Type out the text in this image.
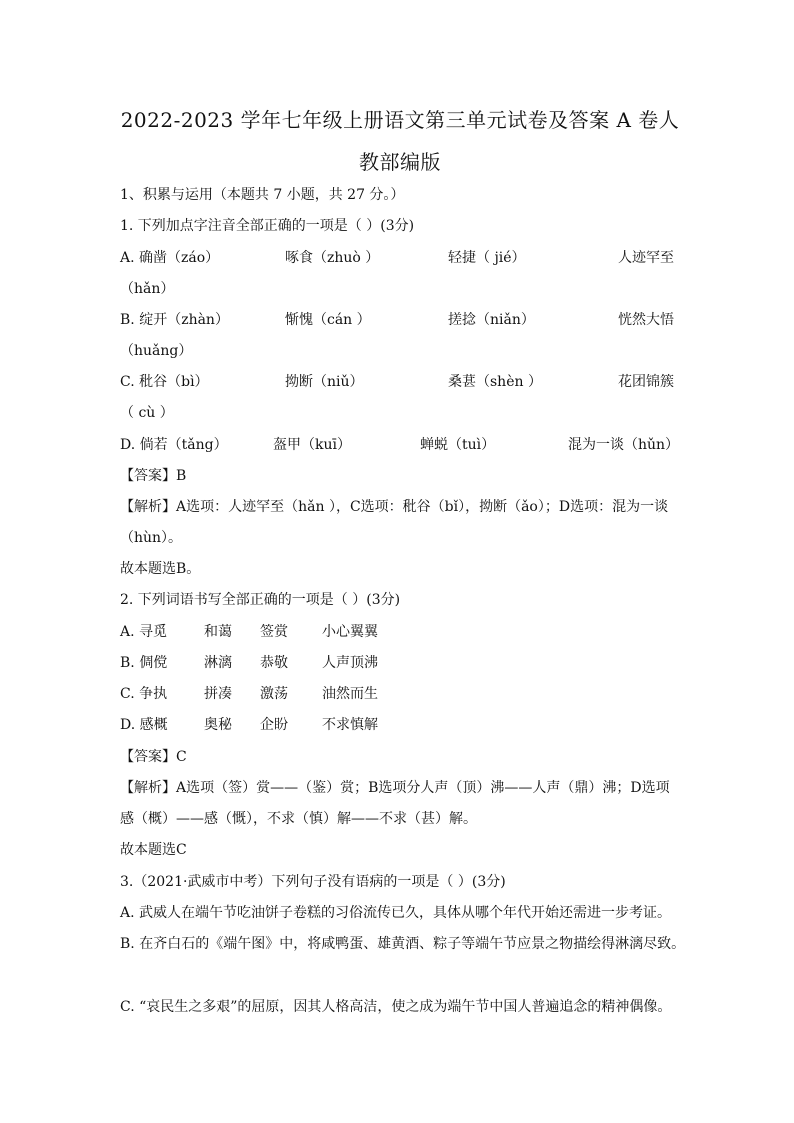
2022-2023 学年七年级上册语文第三单元试卷及答案 A 卷人
教部编版
1、积累与运用（本题共 7 小题，共 27 分。）
1. 下列加点字注音全部正确的一项是（ ）(3分)
A. 确凿（záo）	啄食（zhuò ）	轻捷（ jié）	人迹罕至
（hǎn）
B. 绽开（zhàn）	惭愧（cán ）	搓捻（niǎn）	恍然大悟
（huǎng）
C. 秕谷（bì）	拗断（niǔ）	桑葚（shèn ）	花团锦簇
（ cù ）
D. 倘若（tǎng）	盔甲（kuī）	蝉蜕（tuì）	混为一谈（hǔn）
【答案】B
【解析】A选项：人迹罕至（hǎn ），C选项：秕谷（bǐ），拗断（ǎo）；D选项：混为一谈
（hùn）。
故本题选B。
2. 下列词语书写全部正确的一项是（ ）(3分)
A. 寻觅	和蔼 签赏 小心翼翼
B. 倜傥	淋漓 恭敬 人声顶沸
C. 争执	拼凑 激荡 油然而生
D. 感概	奥秘 企盼 不求慎解
【答案】C
【解析】A选项（签）赏——（鉴）赏；B选项分人声（顶）沸——人声（鼎）沸；D选项
感（概）——感（慨），不求（慎）解——不求（甚）解。
故本题选C
3.（2021·武威市中考）下列句子没有语病的一项是（ ）(3分)
A. 武威人在端午节吃油饼子卷糕的习俗流传已久，具体从哪个年代开始还需进一步考证。
B. 在齐白石的《端午图》中，将咸鸭蛋、雄黄酒、粽子等端午节应景之物描绘得淋漓尽致。
C. “哀民生之多艰”的屈原，因其人格高洁，使之成为端午节中国人普遍追念的精神偶像。
